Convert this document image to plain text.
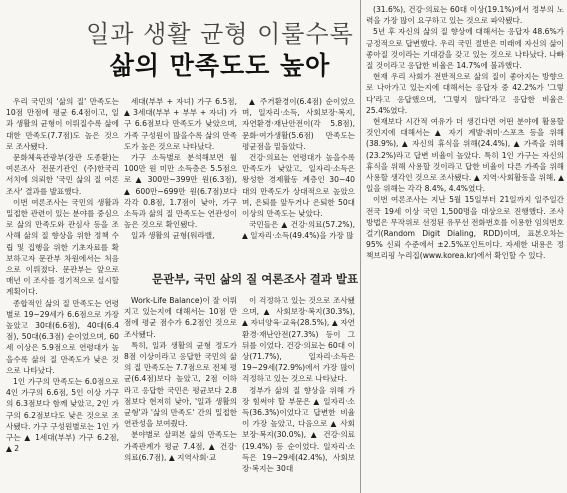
일과 생활 균형 이룰수록
삶의 만족도도 높아

우리 국민의 '삶의 질' 만족도는 10점 만점에 평균 6.4점이고, 일과 생활의 균형이 이뤄질수록 삶에 대한 만족도(7.7점)도 높은 것으로 조사됐다.

문화체육관광부(장관 도종환)는 여론조사 전문기관인 (주)한국리서치에 의뢰한 '국민 삶의 질 여론조사' 결과를 발표했다.

이번 여론조사는 국민의 생활과 밀접한 관련이 있는 분야를 중심으로 삶의 만족도와 관심사 등을 조사해 삶의 질 향상을 위한 정책 수립 및 집행을 위한 기초자료를 확보하고자 문관부 차원에서는 처음으로 이뤄졌다. 문관부는 앞으로 매년 이 조사를 정기적으로 실시할 계획이다.

종합적인 삶의 질 만족도는 연령별로 19~29세가 6.6점으로 가장 높았고 30대(6.6점), 40대(6.4점), 50대(6.3점) 순이었으며, 60세 이상은 5.9점으로 연령대가 높을수록 삶의 질 만족도가 낮은 것으로 나타났다.

1인 가구의 만족도는 6.0점으로 4인 가구의 6.6점, 5인 이상 가구의 6.3점보다 함께 낮았고, 2인 가구의 6.2점보다도 낮은 것으로 조사됐다. 가구 구성원별로는 1인 가구는 ▲ 1세대(부부) 가구 6.2점, ▲ 2

세대(부부 + 자녀) 가구 6.5점, ▲ 3세대(부부 + 부부 + 자녀) 가구 6.6점보다 만족도가 낮았으며, 가족 구성원이 많을수록 삶의 만족도가 높은 것으로 나타났다.

가구 소득별로 분석해보면 월 100만 원 미만 소득층은 5.5점으로 ▲ 300만~399만 원(6.3점), ▲ 600만~699만 원(6.7점)보다 각각 0.8점, 1.7점이 낮아, 가구 소득과 삶의 질 만족도는 연관성이 높은 것으로 확인됐다.

일과 생활의 균형(워라밸,

▲ 주거환경이(6.4점) 순이었으며, 일자리·소득, 사회보장·복지, 자연환경·재난안전이(각 5.8점), 문화·여가생활(5.6점) 만족도는 평균점을 밑돌았다.

건강·의료는 연령대가 높을수록 만족도가 낮았고, 일자리·소득은 왕성한 경제활동 계층인 30~40대의 만족도가 상대적으로 높았으며, 은퇴를 앞두거나 은퇴한 50대 이상의 만족도는 낮았다.

국민들은 ▲ 건강·의료(57.2%), ▲ 일자리·소득(49.4%)을 가장 많

문관부, 국민 삶의 질 여론조사 결과 발표

Work-Life Balance)이 잘 이뤄지고 있는지에 대해서는 10점 만점에 평균 점수가 6.2점인 것으로 조사됐다.

특히, 일과 생활의 균형 정도가 8점 이상이라고 응답한 국민의 삶의 질 만족도는 7.7점으로 전체 평균(6.4점)보다 높았고, 2점 이하라고 응답한 국민은 평균보다 2.8점보다 현저히 낮아, '일과 생활의 균형'과 '삶의 만족도' 간의 밀접한 연관성을 보여줬다.

분야별로 살펴본 삶의 만족도는 가족관계가 평균 7.4점, ▲ 건강·의료(6.7점), ▲ 지역사회·교

이 걱정하고 있는 것으로 조사됐으며, ▲ 사회보장·복지(30.3%), ▲ 자녀양육·교육(28.5%), ▲ 자연환경·재난안전(27.3%) 등이 그 뒤를 이었다. 건강·의료는 60대 이상(71.7%), 일자리·소득은 19~29세(72.9%)에서 가장 많이 걱정하고 있는 것으로 나타났다.

정부가 삶의 질 향상을 위해 가장 힘써야 할 부문은 ▲ 일자리·소득(36.3%)이었다고 답변한 비율이 가장 높았고, 다음으로 ▲ 사회보장·복지(30.0%), ▲ 건강·의료(19.4%) 등 순이었다. 일자리·소득은 19~29세(42.4%), 사회보장·복지는 30대

(31.6%), 건강·의료는 60대 이상(19.1%)에서 정부의 노력을 가장 많이 요구하고 있는 것으로 파악됐다.

5년 후 자신의 삶의 질 향상에 대해서는 응답자 48.6%가 긍정적으로 답변했다. 우리 국민 절반은 미래에 자신의 삶이 좋아질 것이라는 기대감을 갖고 있는 것으로 나타났다. 나빠질 것이라고 응답한 비율은 14.7%에 불과했다.

현재 우리 사회가 전반적으로 삶의 질이 좋아지는 방향으로 나아가고 있는지에 대해서는 응답자 중 42.2%가 '그렇다'라고 응답했으며, '그렇지 않다'라고 응답한 비율은 25.4%였다.

현재보다 시간적 여유가 더 생긴다면 어떤 분야에 활용할 것인지에 대해서는 ▲ 자기 계발·취미·스포츠 등을 위해(38.9%), ▲ 자신의 휴식을 위해(24.4%), ▲ 가족을 위해(23.2%)라고 답변 비율이 높았다. 특히 1인 가구는 자신의 휴식을 위해 사용할 것이라고 답한 비율이 다른 가족을 위해 사용할 생각인 것으로 조사됐다. ▲ 지역·사회활동을 위해, ▲ 일을 위해는 각각 8.4%, 4.4%였다.

이번 여론조사는 지난 5월 15일부터 21일까지 일주일간 전국 19세 이상 국민 1,500명을 대상으로 진행했다. 조사 방법은 무작위로 선정된 유무선 전화번호를 이용한 임의번호걸기(Random Digit Dialing, RDD)이며, 표본오차는 95% 신뢰 수준에서 ±2.5%포인트이다. 자세한 내용은 정책브리핑 누리집(www.korea.kr)에서 확인할 수 있다.
